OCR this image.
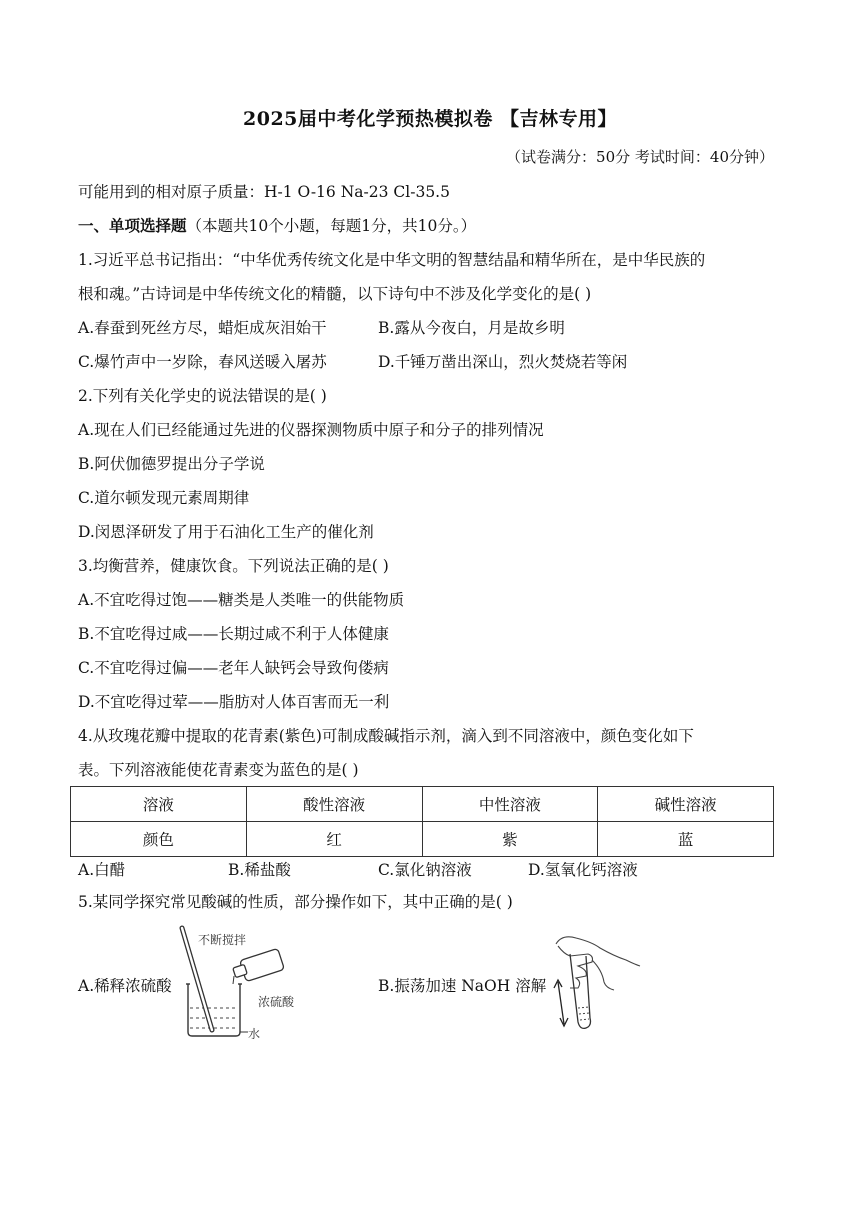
2025届中考化学预热模拟卷 【吉林专用】
（试卷满分：50分 考试时间：40分钟）
可能用到的相对原子质量：H-1 O-16 Na-23 Cl-35.5
一、单项选择题（本题共10个小题，每题1分，共10分。）
1.习近平总书记指出：“中华优秀传统文化是中华文明的智慧结晶和精华所在，是中华民族的
根和魂。”古诗词是中华传统文化的精髓，以下诗句中不涉及化学变化的是( )
A.春蚕到死丝方尽，蜡炬成灰泪始干	B.露从今夜白，月是故乡明
C.爆竹声中一岁除，春风送暖入屠苏	D.千锤万凿出深山，烈火焚烧若等闲
2.下列有关化学史的说法错误的是( )
A.现在人们已经能通过先进的仪器探测物质中原子和分子的排列情况
B.阿伏伽德罗提出分子学说
C.道尔顿发现元素周期律
D.闵恩泽研发了用于石油化工生产的催化剂
3.均衡营养，健康饮食。下列说法正确的是( )
A.不宜吃得过饱——糖类是人类唯一的供能物质
B.不宜吃得过咸——长期过咸不利于人体健康
C.不宜吃得过偏——老年人缺钙会导致佝偻病
D.不宜吃得过荤——脂肪对人体百害而无一利
4.从玫瑰花瓣中提取的花青素(紫色)可制成酸碱指示剂，滴入到不同溶液中，颜色变化如下
表。下列溶液能使花青素变为蓝色的是( )
溶液	酸性溶液	中性溶液	碱性溶液
颜色	红	紫	蓝
A.白醋	B.稀盐酸	C.氯化钠溶液	D.氢氧化钙溶液
5.某同学探究常见酸碱的性质，部分操作如下，其中正确的是( )
A.稀释浓硫酸
不断搅拌
浓硫酸
水
B.振荡加速 NaOH 溶解
